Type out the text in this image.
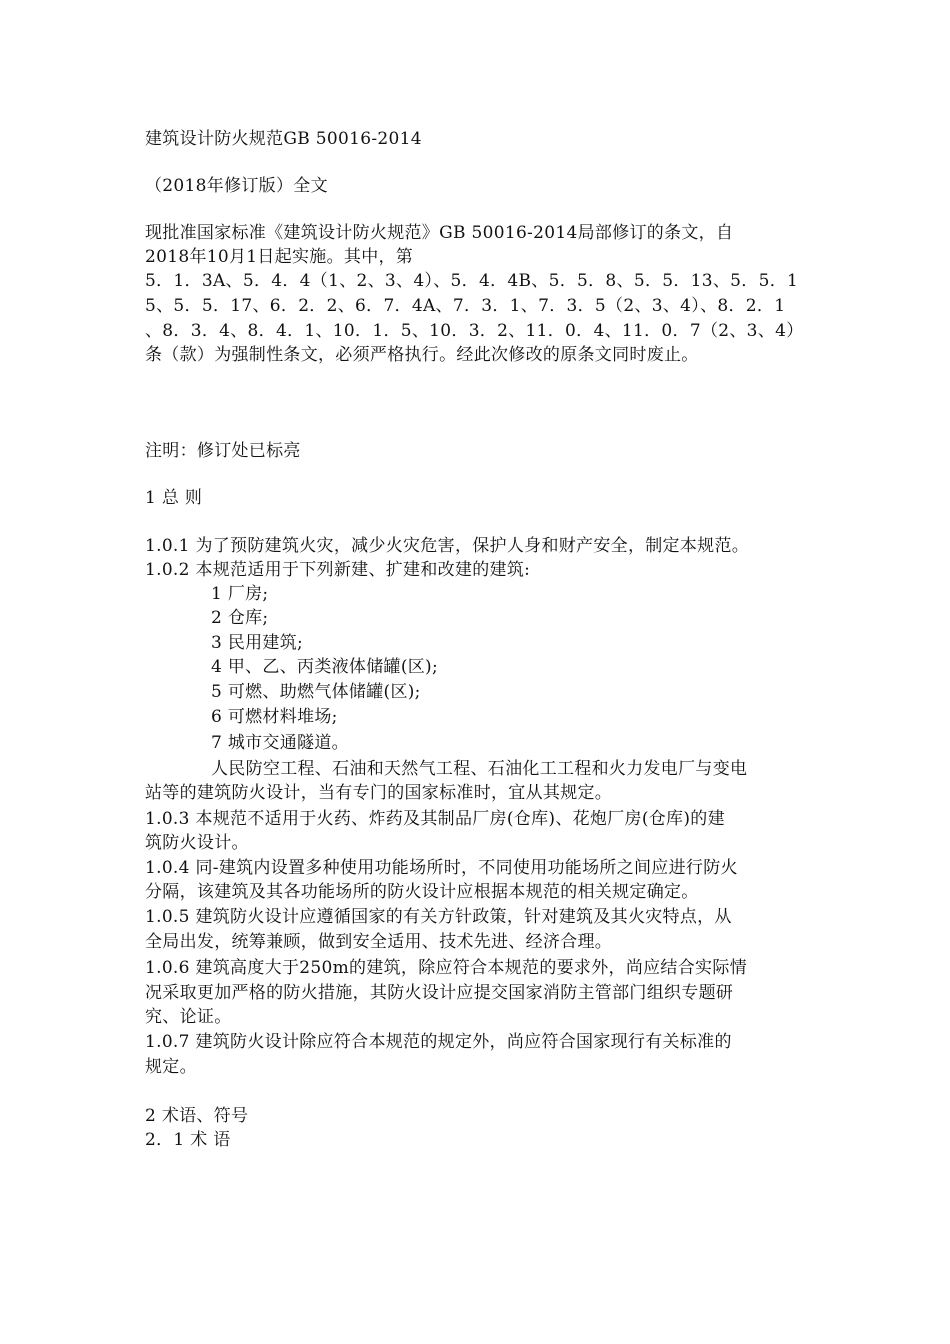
建筑设计防火规范GB 50016-2014
（2018年修订版）全文
现批准国家标准《建筑设计防火规范》GB 50016-2014局部修订的条文，自
2018年10月1日起实施。其中，第
5．1．3A、5．4．4（1、2、3、4）、5．4．4B、5．5．8、5．5．13、5．5．1
5、5．5．17、6．2．2、6．7．4A、7．3．1、7．3．5（2、3、4）、8．2．1
、8．3．4、8．4．1、10．1．5、10．3．2、11．0．4、11．0．7（2、3、4）
条（款）为强制性条文，必须严格执行。经此次修改的原条文同时废止。
注明：修订处已标亮
1 总 则
1.0.1 为了预防建筑火灾，减少火灾危害，保护人身和财产安全，制定本规范。
1.0.2 本规范适用于下列新建、扩建和改建的建筑:
1 厂房;
2 仓库;
3 民用建筑;
4 甲、乙、丙类液体储罐(区);
5 可燃、助燃气体储罐(区);
6 可燃材料堆场;
7 城市交通隧道。
人民防空工程、石油和天然气工程、石油化工工程和火力发电厂与变电
站等的建筑防火设计，当有专门的国家标准时，宜从其规定。
1.0.3 本规范不适用于火药、炸药及其制品厂房(仓库)、花炮厂房(仓库)的建
筑防火设计。
1.0.4 同-建筑内设置多种使用功能场所时，不同使用功能场所之间应进行防火
分隔，该建筑及其各功能场所的防火设计应根据本规范的相关规定确定。
1.0.5 建筑防火设计应遵循国家的有关方针政策，针对建筑及其火灾特点，从
全局出发，统筹兼顾，做到安全适用、技术先进、经济合理。
1.0.6 建筑高度大于250m的建筑，除应符合本规范的要求外，尚应结合实际情
况采取更加严格的防火措施，其防火设计应提交国家消防主管部门组织专题研
究、论证。
1.0.7 建筑防火设计除应符合本规范的规定外，尚应符合国家现行有关标准的
规定。
2 术语、符号
2．1 术 语
